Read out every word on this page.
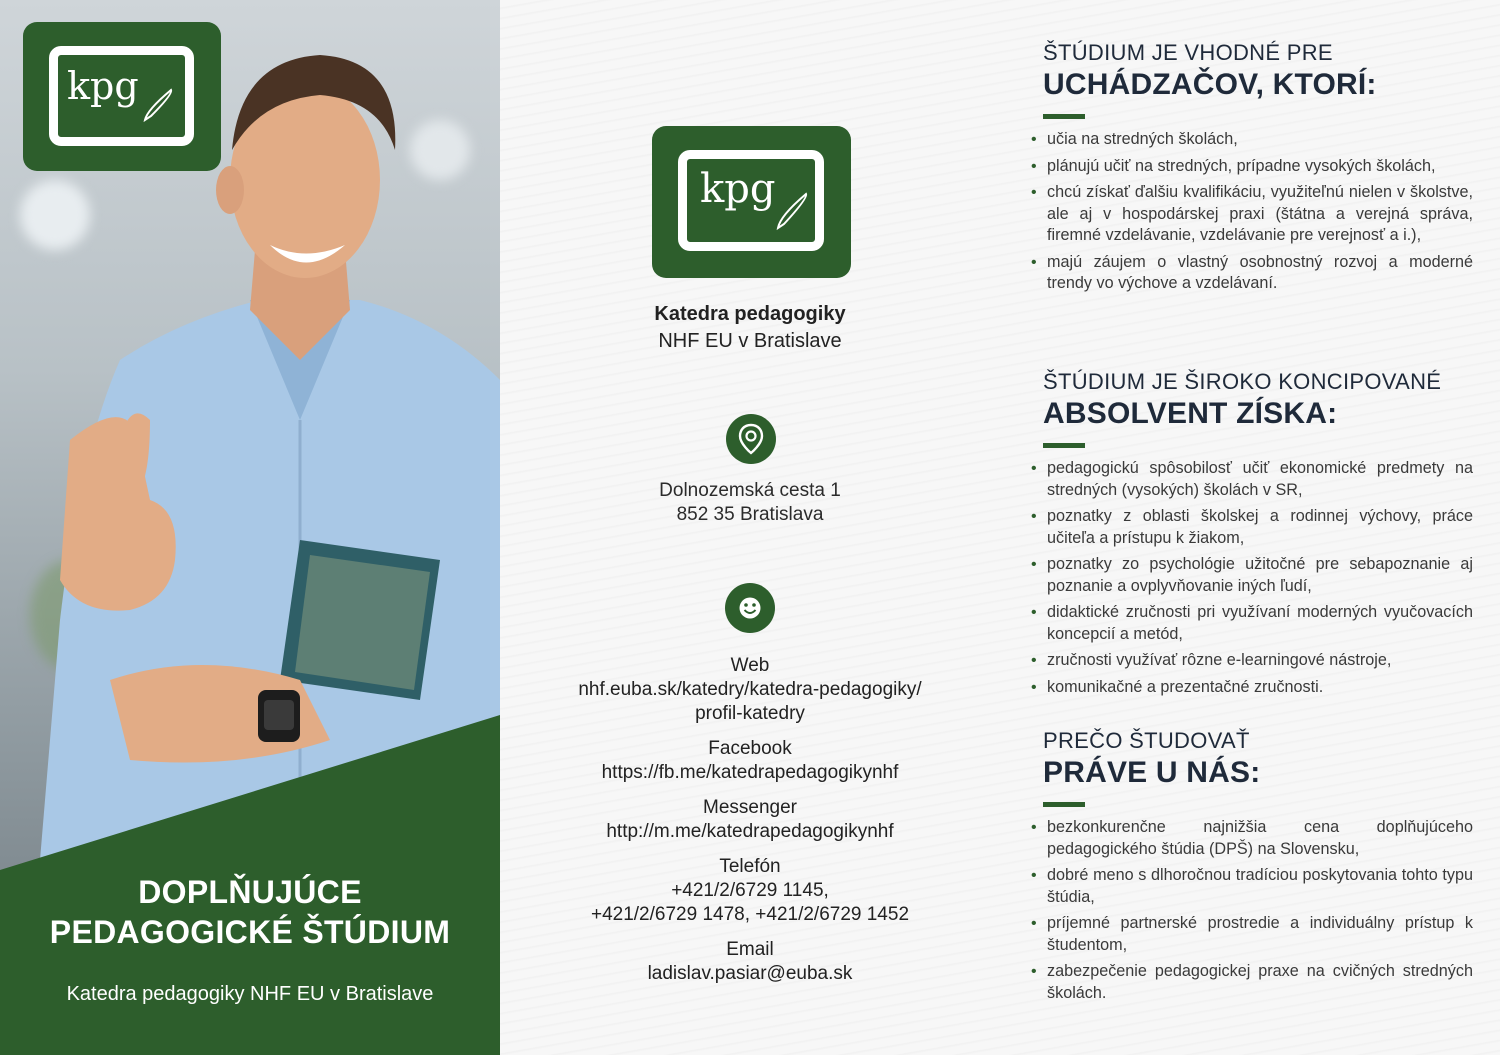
kpg
DOPLŇUJÚCE
PEDAGOGICKÉ ŠTÚDIUM
Katedra pedagogiky NHF EU v Bratislave
kpg
Katedra pedagogiky
NHF EU v Bratislave
Dolnozemská cesta 1
852 35 Bratislava
Web
nhf.euba.sk/katedry/katedra-pedagogiky/
profil-katedry
Facebook
https://fb.me/katedrapedagogikynhf
Messenger
http://m.me/katedrapedagogikynhf
Telefón
+421/2/6729 1145,
+421/2/6729 1478, +421/2/6729 1452
Email
ladislav.pasiar@euba.sk
ŠTÚDIUM JE VHODNÉ PRE
UCHÁDZAČOV, KTORÍ:
• učia na stredných školách,
• plánujú učiť na stredných, prípadne vysokých školách,
• chcú získať ďalšiu kvalifikáciu, využiteľnú nielen v školstve, ale aj v hospodárskej praxi (štátna a verejná správa, firemné vzdelávanie, vzdelávanie pre verejnosť a i.),
• majú záujem o vlastný osobnostný rozvoj a moderné trendy vo výchove a vzdelávaní.
ŠTÚDIUM JE ŠIROKO KONCIPOVANÉ
ABSOLVENT ZÍSKA:
• pedagogickú spôsobilosť učiť ekonomické predmety na stredných (vysokých) školách v SR,
• poznatky z oblasti školskej a rodinnej výchovy, práce učiteľa a prístupu k žiakom,
• poznatky zo psychológie užitočné pre sebapoznanie aj poznanie a ovplyvňovanie iných ľudí,
• didaktické zručnosti pri využívaní moderných vyučovacích koncepcií a metód,
• zručnosti využívať rôzne e-learningové nástroje,
• komunikačné a prezentačné zručnosti.
PREČO ŠTUDOVAŤ
PRÁVE U NÁS:
• bezkonkurenčne najnižšia cena doplňujúceho pedagogického štúdia (DPŠ) na Slovensku,
• dobré meno s dlhoročnou tradíciou poskytovania tohto typu štúdia,
• príjemné partnerské prostredie a individuálny prístup k študentom,
• zabezpečenie pedagogickej praxe na cvičných stredných školách.
